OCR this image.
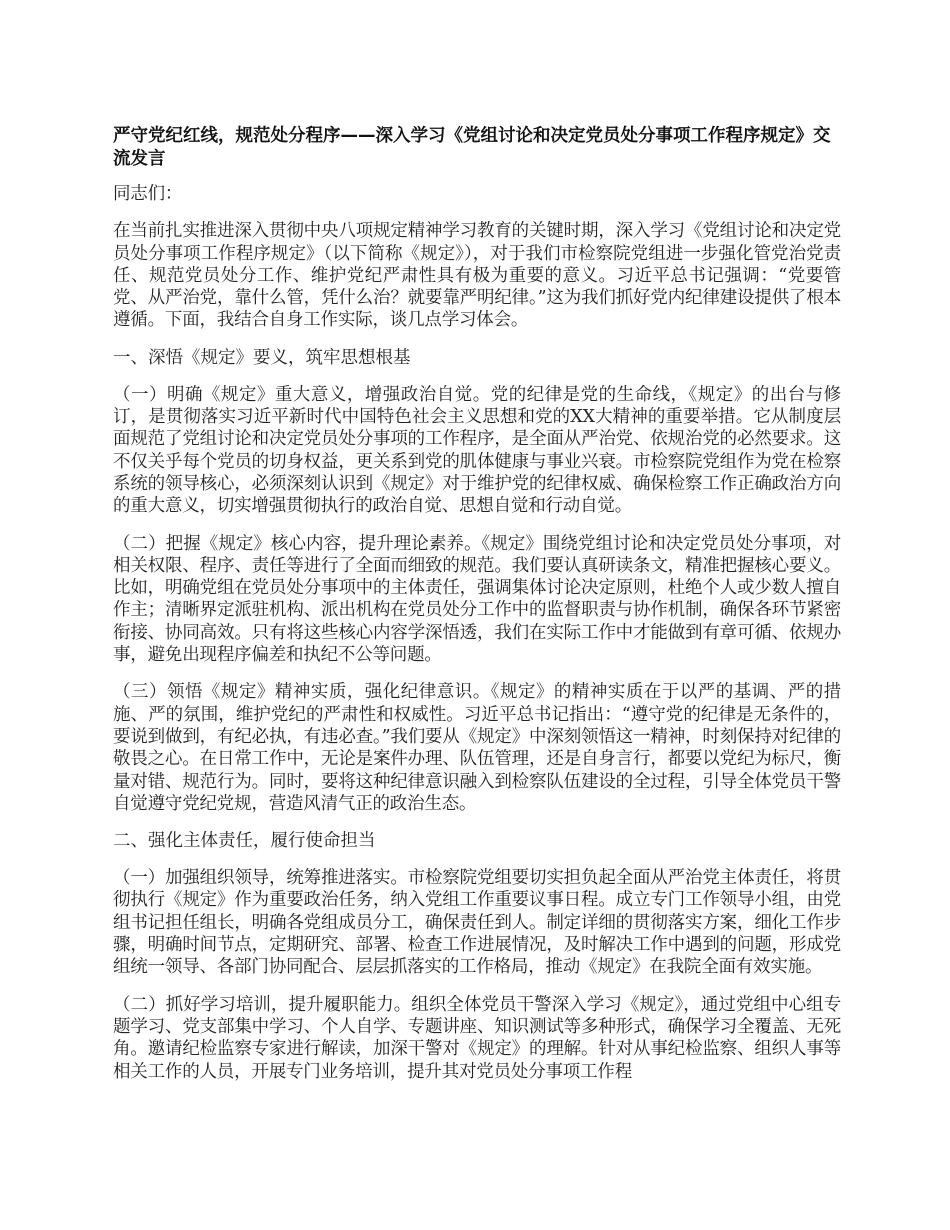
严守党纪红线，规范处分程序——深入学习《党组讨论和决定党员处分事项工作程序规定》交流发言

同志们：

在当前扎实推进深入贯彻中央八项规定精神学习教育的关键时期，深入学习《党组讨论和决定党员处分事项工作程序规定》（以下简称《规定》），对于我们市检察院党组进一步强化管党治党责任、规范党员处分工作、维护党纪严肃性具有极为重要的意义。习近平总书记强调：“党要管党、从严治党，靠什么管，凭什么治？就要靠严明纪律。”这为我们抓好党内纪律建设提供了根本遵循。下面，我结合自身工作实际，谈几点学习体会。

一、深悟《规定》要义，筑牢思想根基

（一）明确《规定》重大意义，增强政治自觉。党的纪律是党的生命线，《规定》的出台与修订，是贯彻落实习近平新时代中国特色社会主义思想和党的XX大精神的重要举措。它从制度层面规范了党组讨论和决定党员处分事项的工作程序，是全面从严治党、依规治党的必然要求。这不仅关乎每个党员的切身权益，更关系到党的肌体健康与事业兴衰。市检察院党组作为党在检察系统的领导核心，必须深刻认识到《规定》对于维护党的纪律权威、确保检察工作正确政治方向的重大意义，切实增强贯彻执行的政治自觉、思想自觉和行动自觉。

（二）把握《规定》核心内容，提升理论素养。《规定》围绕党组讨论和决定党员处分事项，对相关权限、程序、责任等进行了全面而细致的规范。我们要认真研读条文，精准把握核心要义。比如，明确党组在党员处分事项中的主体责任，强调集体讨论决定原则，杜绝个人或少数人擅自作主；清晰界定派驻机构、派出机构在党员处分工作中的监督职责与协作机制，确保各环节紧密衔接、协同高效。只有将这些核心内容学深悟透，我们在实际工作中才能做到有章可循、依规办事，避免出现程序偏差和执纪不公等问题。

（三）领悟《规定》精神实质，强化纪律意识。《规定》的精神实质在于以严的基调、严的措施、严的氛围，维护党纪的严肃性和权威性。习近平总书记指出：“遵守党的纪律是无条件的，要说到做到，有纪必执，有违必查。”我们要从《规定》中深刻领悟这一精神，时刻保持对纪律的敬畏之心。在日常工作中，无论是案件办理、队伍管理，还是自身言行，都要以党纪为标尺，衡量对错、规范行为。同时，要将这种纪律意识融入到检察队伍建设的全过程，引导全体党员干警自觉遵守党纪党规，营造风清气正的政治生态。

二、强化主体责任，履行使命担当

（一）加强组织领导，统筹推进落实。市检察院党组要切实担负起全面从严治党主体责任，将贯彻执行《规定》作为重要政治任务，纳入党组工作重要议事日程。成立专门工作领导小组，由党组书记担任组长，明确各党组成员分工，确保责任到人。制定详细的贯彻落实方案，细化工作步骤，明确时间节点，定期研究、部署、检查工作进展情况，及时解决工作中遇到的问题，形成党组统一领导、各部门协同配合、层层抓落实的工作格局，推动《规定》在我院全面有效实施。

（二）抓好学习培训，提升履职能力。组织全体党员干警深入学习《规定》，通过党组中心组专题学习、党支部集中学习、个人自学、专题讲座、知识测试等多种形式，确保学习全覆盖、无死角。邀请纪检监察专家进行解读，加深干警对《规定》的理解。针对从事纪检监察、组织人事等相关工作的人员，开展专门业务培训，提升其对党员处分事项工作程
